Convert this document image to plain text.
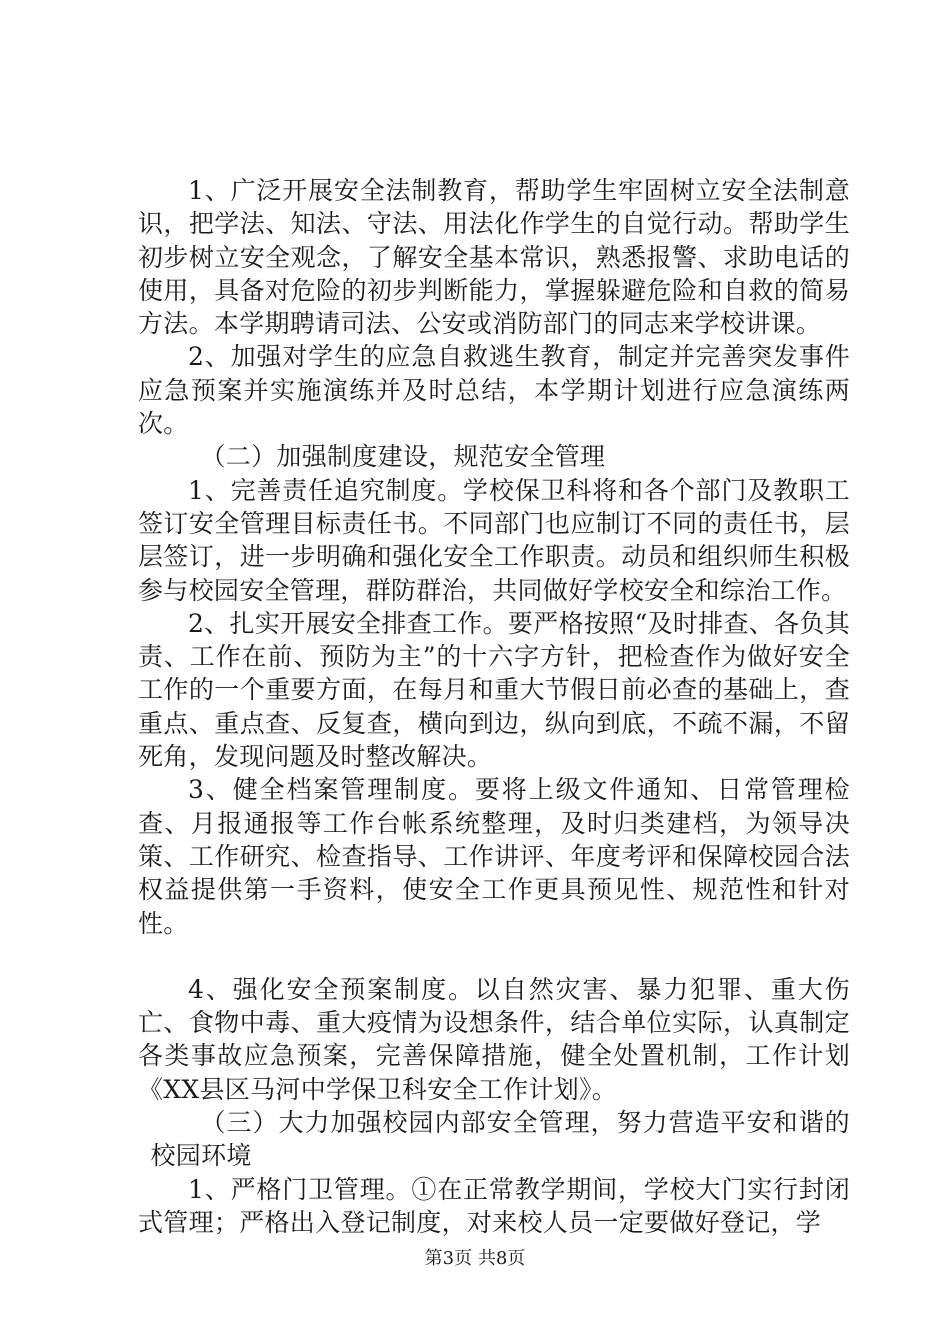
1、广泛开展安全法制教育，帮助学生牢固树立安全法制意识，把学法、知法、守法、用法化作学生的自觉行动。帮助学生初步树立安全观念，了解安全基本常识，熟悉报警、求助电话的使用，具备对危险的初步判断能力，掌握躲避危险和自救的简易方法。本学期聘请司法、公安或消防部门的同志来学校讲课。

2、加强对学生的应急自救逃生教育，制定并完善突发事件应急预案并实施演练并及时总结，本学期计划进行应急演练两次。

（二）加强制度建设，规范安全管理

1、完善责任追究制度。学校保卫科将和各个部门及教职工签订安全管理目标责任书。不同部门也应制订不同的责任书，层层签订，进一步明确和强化安全工作职责。动员和组织师生积极参与校园安全管理，群防群治，共同做好学校安全和综治工作。

2、扎实开展安全排查工作。要严格按照“及时排查、各负其责、工作在前、预防为主”的十六字方针，把检查作为做好安全工作的一个重要方面，在每月和重大节假日前必查的基础上，查重点、重点查、反复查，横向到边，纵向到底，不疏不漏，不留死角，发现问题及时整改解决。

3、健全档案管理制度。要将上级文件通知、日常管理检查、月报通报等工作台帐系统整理，及时归类建档，为领导决策、工作研究、检查指导、工作讲评、年度考评和保障校园合法权益提供第一手资料，使安全工作更具预见性、规范性和针对性。

4、强化安全预案制度。以自然灾害、暴力犯罪、重大伤亡、食物中毒、重大疫情为设想条件，结合单位实际，认真制定各类事故应急预案，完善保障措施，健全处置机制，工作计划《XX县区马河中学保卫科安全工作计划》。

（三）大力加强校园内部安全管理，努力营造平安和谐的校园环境

1、严格门卫管理。①在正常教学期间，学校大门实行封闭式管理；严格出入登记制度，对来校人员一定要做好登记，学

第3页 共8页
